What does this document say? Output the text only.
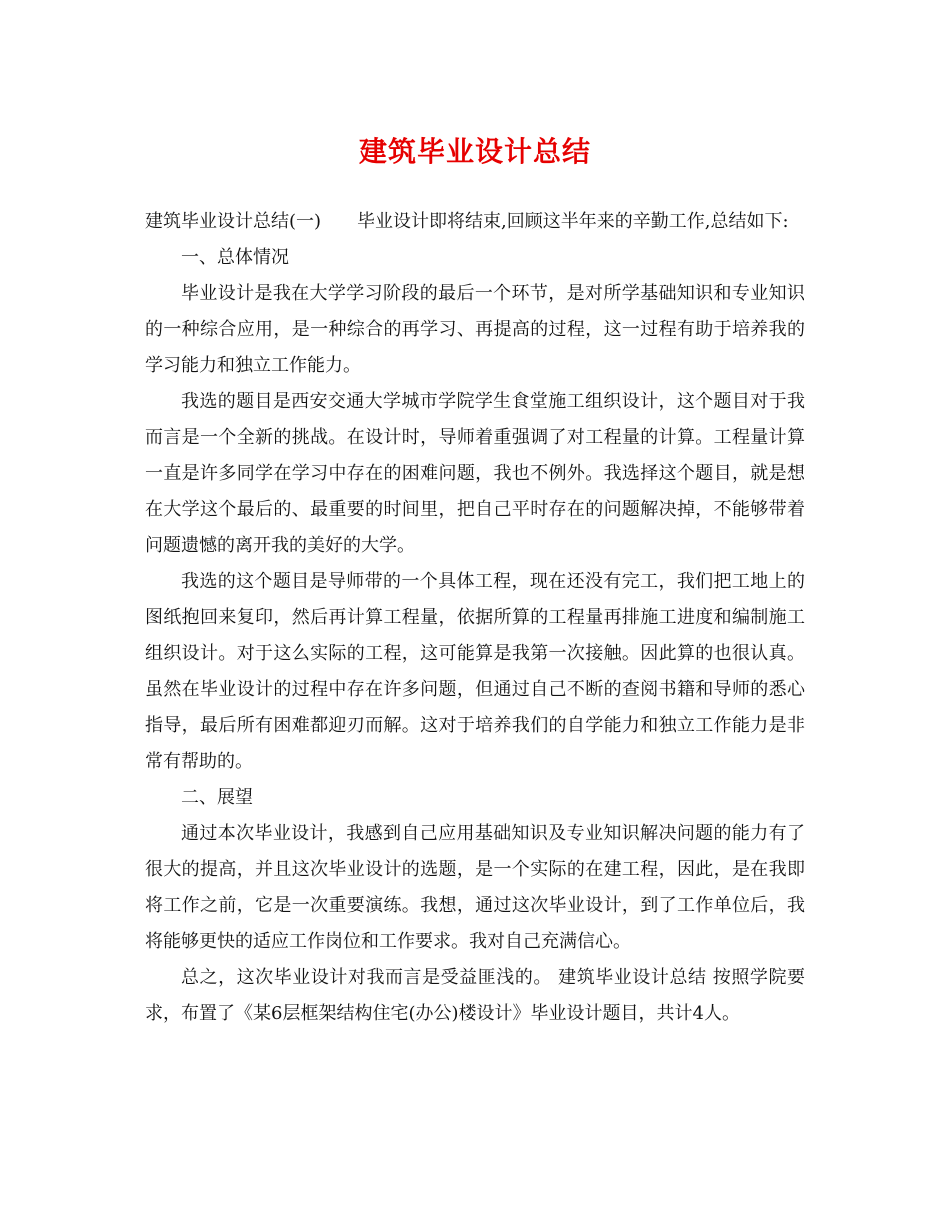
建筑毕业设计总结

建筑毕业设计总结(一) 毕业设计即将结束,回顾这半年来的辛勤工作,总结如下:

一、总体情况

毕业设计是我在大学学习阶段的最后一个环节，是对所学基础知识和专业知识的一种综合应用，是一种综合的再学习、再提高的过程，这一过程有助于培养我的学习能力和独立工作能力。

我选的题目是西安交通大学城市学院学生食堂施工组织设计，这个题目对于我而言是一个全新的挑战。在设计时，导师着重强调了对工程量的计算。工程量计算一直是许多同学在学习中存在的困难问题，我也不例外。我选择这个题目，就是想在大学这个最后的、最重要的时间里，把自己平时存在的问题解决掉，不能够带着问题遗憾的离开我的美好的大学。

我选的这个题目是导师带的一个具体工程，现在还没有完工，我们把工地上的图纸抱回来复印，然后再计算工程量，依据所算的工程量再排施工进度和编制施工组织设计。对于这么实际的工程，这可能算是我第一次接触。因此算的也很认真。虽然在毕业设计的过程中存在许多问题，但通过自己不断的查阅书籍和导师的悉心指导，最后所有困难都迎刃而解。这对于培养我们的自学能力和独立工作能力是非常有帮助的。

二、展望

通过本次毕业设计，我感到自己应用基础知识及专业知识解决问题的能力有了很大的提高，并且这次毕业设计的选题，是一个实际的在建工程，因此，是在我即将工作之前，它是一次重要演练。我想，通过这次毕业设计，到了工作单位后，我将能够更快的适应工作岗位和工作要求。我对自己充满信心。

总之，这次毕业设计对我而言是受益匪浅的。 建筑毕业设计总结 按照学院要求，布置了《某6层框架结构住宅(办公)楼设计》毕业设计题目，共计4人。
